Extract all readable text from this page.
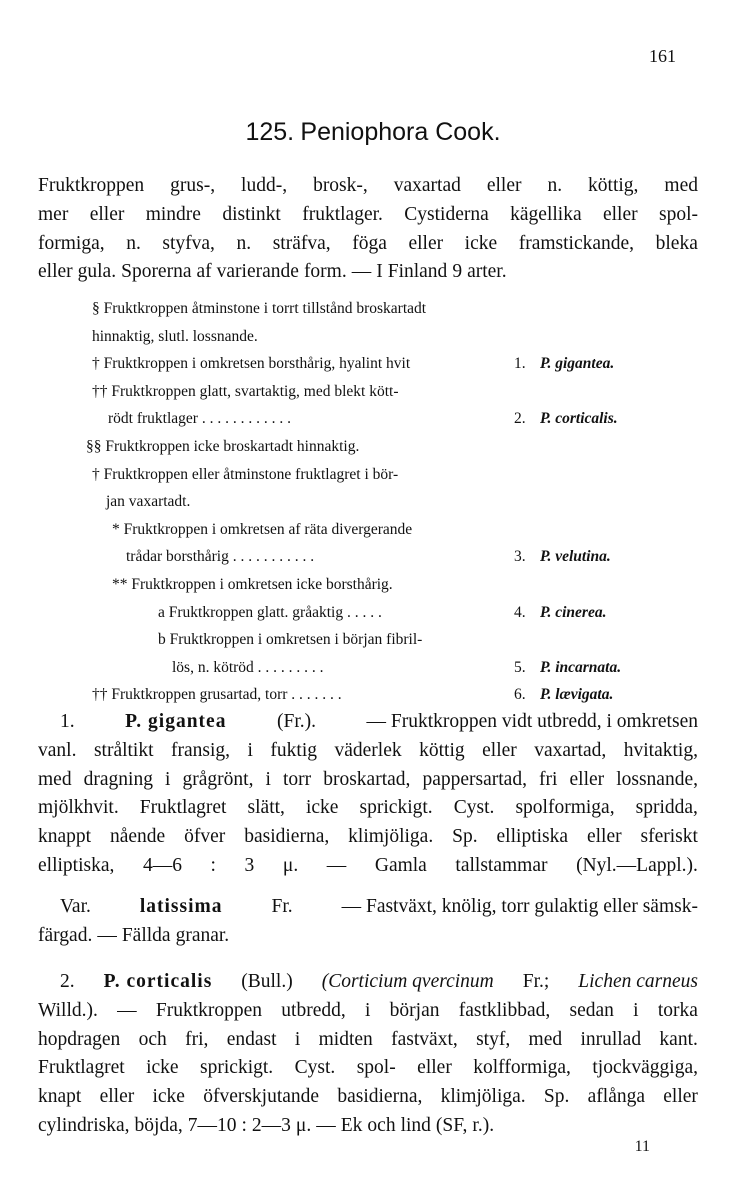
161
125. Peniophora Cook.
Fruktkroppen grus-, ludd-, brosk-, vaxartad eller n. köttig, med
mer eller mindre distinkt fruktlager. Cystiderna kägellika eller spol-
formiga, n. styfva, n. sträfva, föga eller icke framstickande, bleka
eller gula. Sporerna af varierande form. — I Finland 9 arter.
§ Fruktkroppen åtminstone i torrt tillstånd broskartadt
hinnaktig, slutl. lossnande.
† Fruktkroppen i omkretsen borsthårig, hyalint hvit	1. P. gigantea.
†† Fruktkroppen glatt, svartaktig, med blekt kött-
rödt fruktlager . . . . . . . . . . . .	2. P. corticalis.
§§ Fruktkroppen icke broskartadt hinnaktig.
† Fruktkroppen eller åtminstone fruktlagret i bör-
jan vaxartadt.
* Fruktkroppen i omkretsen af räta divergerande
trådar borsthårig . . . . . . . . . . .	3. P. velutina.
** Fruktkroppen i omkretsen icke borsthårig.
a Fruktkroppen glatt. gråaktig . . . . .	4. P. cinerea.
b Fruktkroppen i omkretsen i början fibril-
lös, n. kötröd . . . . . . . . .	5. P. incarnata.
†† Fruktkroppen grusartad, torr . . . . . . .	6. P. lævigata.
1.	P. gigantea	(Fr.).	— Fruktkroppen vidt utbredd, i omkretsen
vanl. stråltikt fransig, i fuktig väderlek köttig eller vaxartad, hvitaktig,
med dragning i grågrönt, i torr broskartad, pappersartad, fri eller lossnande,
mjölkhvit. Fruktlagret slätt, icke sprickigt. Cyst. spolformiga, spridda,
knappt nående öfver basidierna, klimjöliga. Sp. elliptiska eller sferiskt
elliptiska, 4—6 : 3 μ. — Gamla tallstammar (Nyl.—Lappl.).
Var.	latissima	Fr.	— Fastväxt, knölig, torr gulaktig eller sämsk-
färgad. — Fällda granar.
2. P. corticalis (Bull.) (Corticium qvercinum Fr.; Lichen carneus
Willd.). — Fruktkroppen utbredd, i början fastklibbad, sedan i torka
hopdragen och fri, endast i midten fastväxt, styf, med inrullad kant.
Fruktlagret icke sprickigt. Cyst. spol- eller kolfformiga, tjockväggiga,
knapt eller icke öfverskjutande basidierna, klimjöliga. Sp. aflånga eller
cylindriska, böjda, 7—10 : 2—3 μ. — Ek och lind (SF, r.).
11
